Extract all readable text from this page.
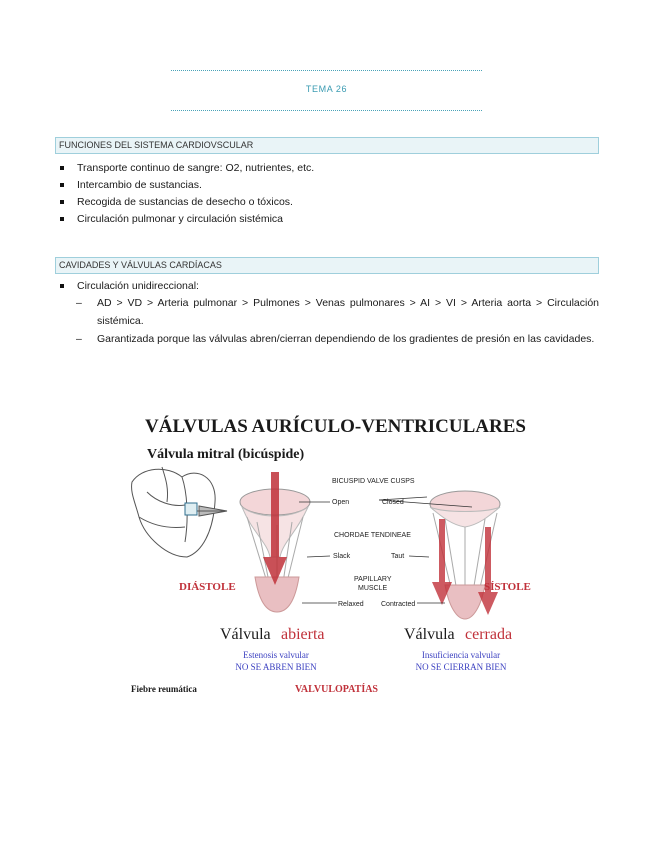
TEMA 26
FUNCIONES DEL SISTEMA CARDIOVSCULAR
Transporte continuo de sangre: O2, nutrientes, etc.
Intercambio de sustancias.
Recogida de sustancias de desecho o tóxicos.
Circulación pulmonar y circulación sistémica
CAVIDADES Y VÁLVULAS CARDÍACAS
Circulación unidireccional:
– AD > VD > Arteria pulmonar > Pulmones > Venas pulmonares > AI > VI > Arteria aorta > Circulación sistémica.
– Garantizada porque las válvulas abren/cierran dependiendo de los gradientes de presión en las cavidades.
VÁLVULAS AURÍCULO-VENTRICULARES
Válvula mitral (bicúspide)
BICUSPID VALVE CUSPS
Open	Closed
CHORDAE TENDINEAE
Slack	Taut
PAPILLARY
MUSCLE
Relaxed Contracted
DIÁSTOLE	SÍSTOLE
Válvula abierta	Válvula cerrada
Estenosis valvular
NO SE ABREN BIEN
Insuficiencia valvular
NO SE CIERRAN BIEN
Fiebre reumática	VALVULOPATÍAS
